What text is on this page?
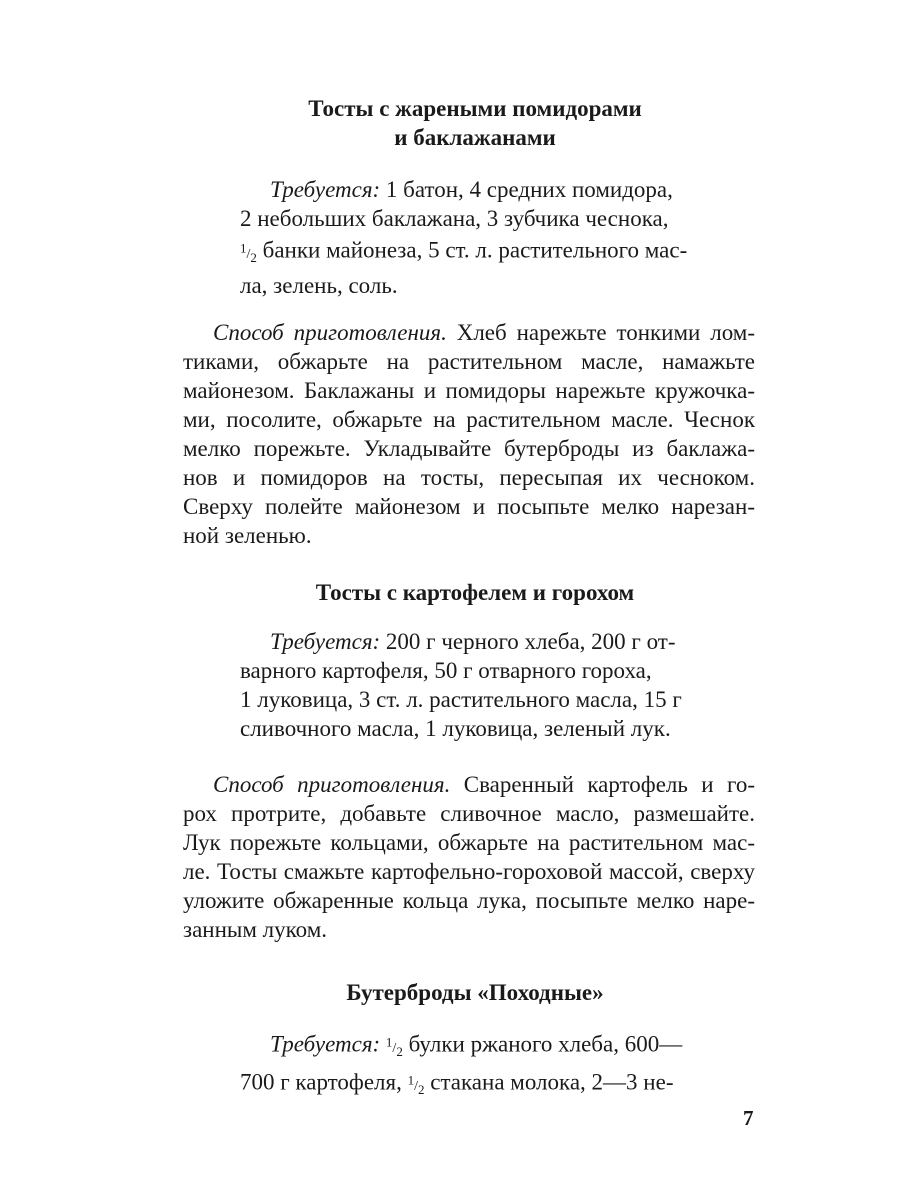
Тосты с жареными помидорами
и баклажанами
Требуется: 1 батон, 4 средних помидора,
2 небольших баклажана, 3 зубчика чеснока,
$^1/_2$ банки майонеза, 5 ст. л. растительного мас-
ла, зелень, соль.
Способ приготовления. Хлеб нарежьте тонкими лом-
тиками, обжарьте на растительном масле, намажьте
майонезом. Баклажаны и помидоры нарежьте кружочка-
ми, посолите, обжарьте на растительном масле. Чеснок
мелко порежьте. Укладывайте бутерброды из баклажа-
нов и помидоров на тосты, пересыпая их чесноком.
Сверху полейте майонезом и посыпьте мелко нарезан-
ной зеленью.
Тосты с картофелем и горохом
Требуется: 200 г черного хлеба, 200 г от-
варного картофеля, 50 г отварного гороха,
1 луковица, 3 ст. л. растительного масла, 15 г
сливочного масла, 1 луковица, зеленый лук.
Способ приготовления. Сваренный картофель и го-
рох протрите, добавьте сливочное масло, размешайте.
Лук порежьте кольцами, обжарьте на растительном мас-
ле. Тосты смажьте картофельно-гороховой массой, сверху
уложите обжаренные кольца лука, посыпьте мелко наре-
занным луком.
Бутерброды «Походные»
Требуется: $^1/_2$ булки ржаного хлеба, 600—
700 г картофеля, $^1/_2$ стакана молока, 2—3 не-
7
